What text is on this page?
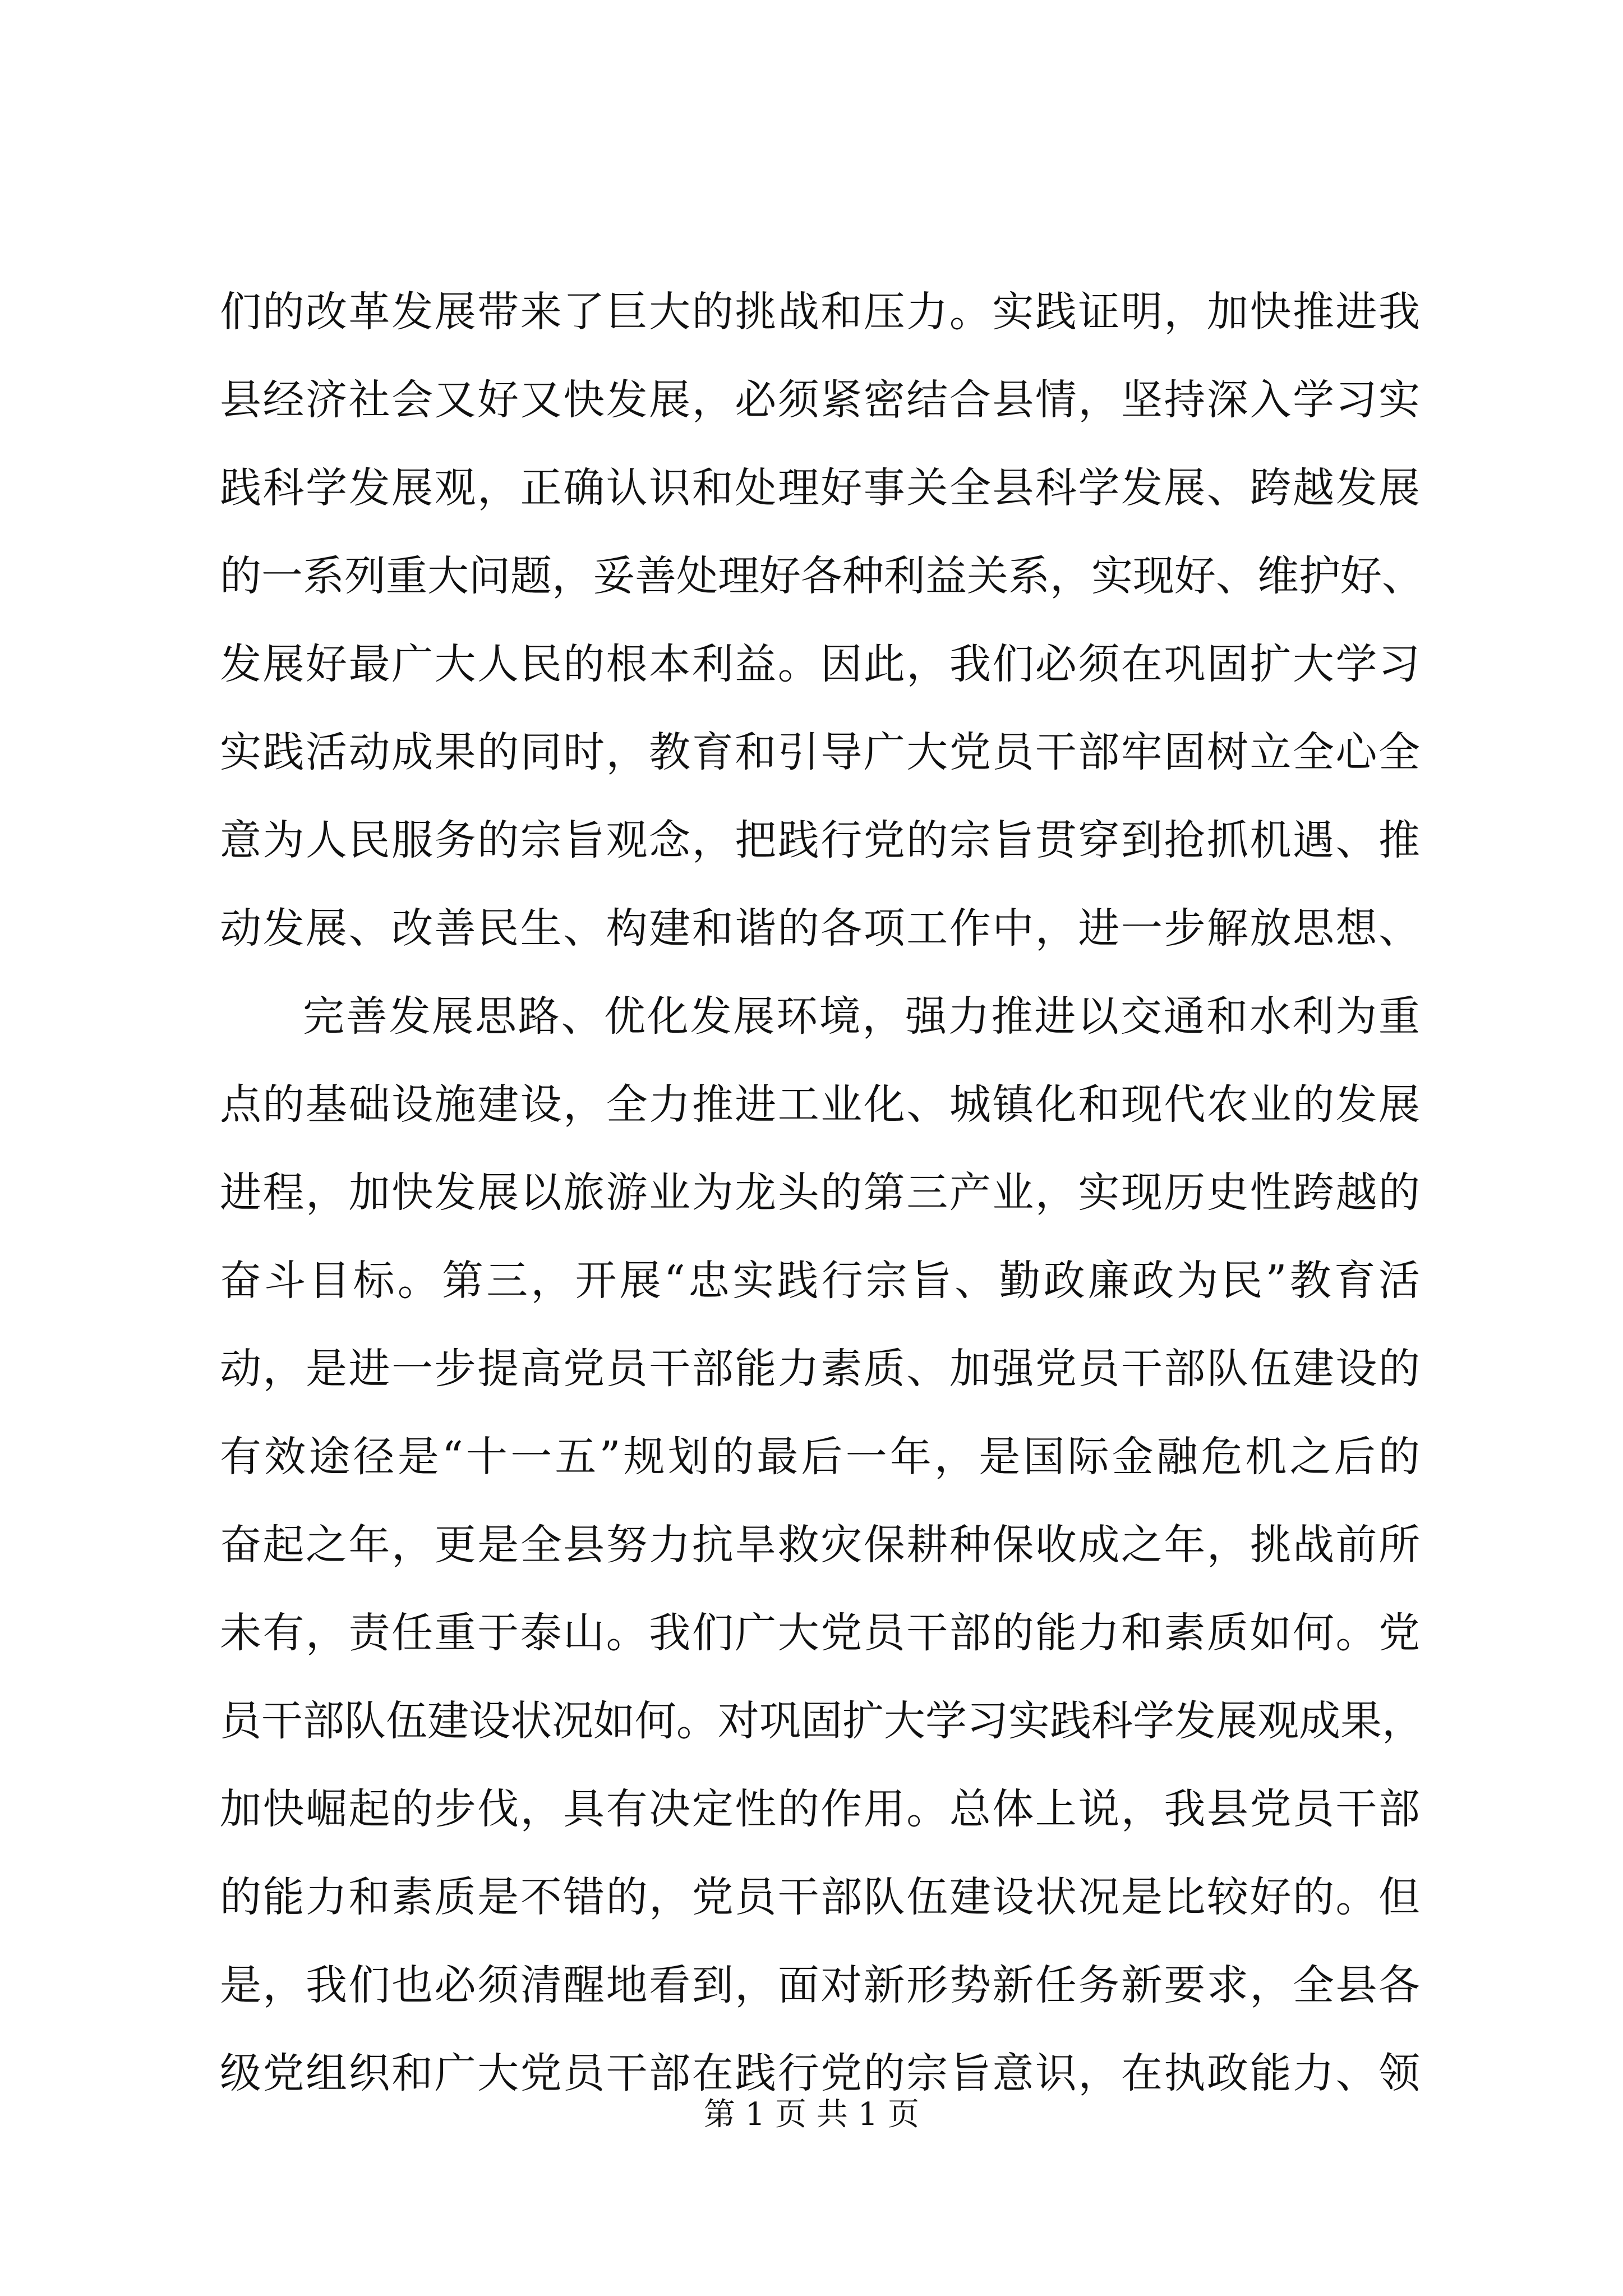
们的改革发展带来了巨大的挑战和压力。实践证明，加快推进我
县经济社会又好又快发展，必须紧密结合县情，坚持深入学习实
践科学发展观，正确认识和处理好事关全县科学发展、跨越发展
的一系列重大问题，妥善处理好各种利益关系，实现好、维护好、
发展好最广大人民的根本利益。因此，我们必须在巩固扩大学习
实践活动成果的同时，教育和引导广大党员干部牢固树立全心全
意为人民服务的宗旨观念，把践行党的宗旨贯穿到抢抓机遇、推
动发展、改善民生、构建和谐的各项工作中，进一步解放思想、
完善发展思路、优化发展环境，强力推进以交通和水利为重
点的基础设施建设，全力推进工业化、城镇化和现代农业的发展
进程，加快发展以旅游业为龙头的第三产业，实现历史性跨越的
奋斗目标。第三，开展“忠实践行宗旨、勤政廉政为民”教育活
动，是进一步提高党员干部能力素质、加强党员干部队伍建设的
有效途径是“十一五”规划的最后一年，是国际金融危机之后的
奋起之年，更是全县努力抗旱救灾保耕种保收成之年，挑战前所
未有，责任重于泰山。我们广大党员干部的能力和素质如何。党
员干部队伍建设状况如何。对巩固扩大学习实践科学发展观成果，
加快崛起的步伐，具有决定性的作用。总体上说，我县党员干部
的能力和素质是不错的，党员干部队伍建设状况是比较好的。但
是，我们也必须清醒地看到，面对新形势新任务新要求，全县各
级党组织和广大党员干部在践行党的宗旨意识，在执政能力、领
第 1 页 共 1 页
